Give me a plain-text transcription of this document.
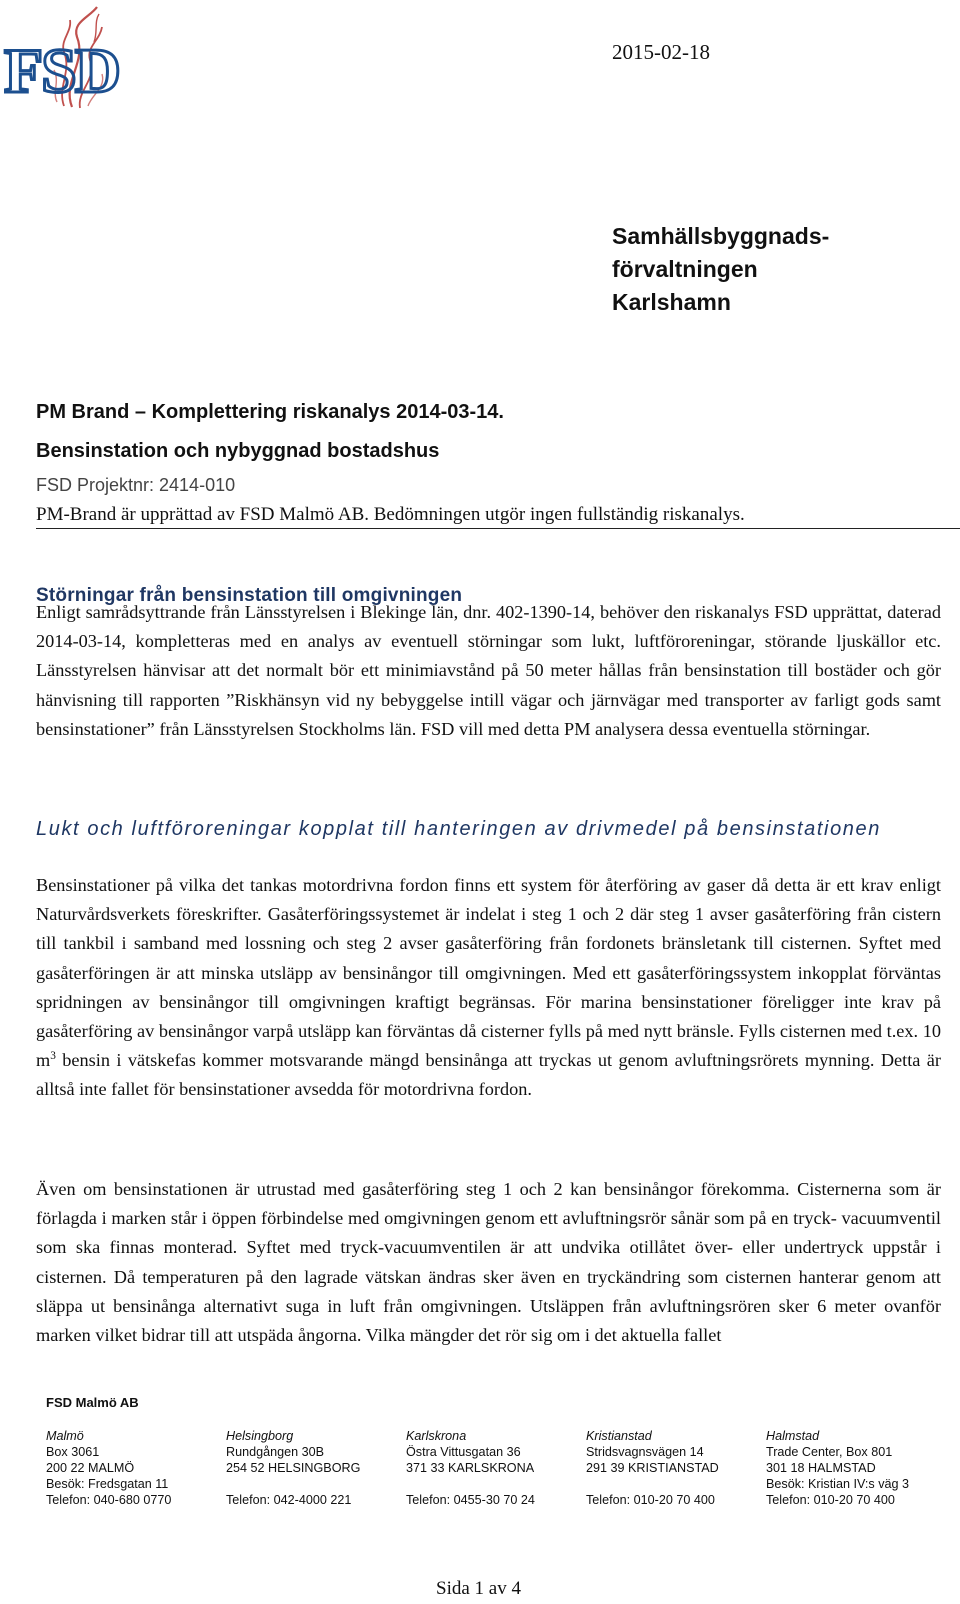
FSD	2015-02-18
Samhällsbyggnads-
förvaltningen
Karlshamn
PM Brand – Komplettering riskanalys 2014-03-14.
Bensinstation och nybyggnad bostadshus
FSD Projektnr: 2414-010
PM-Brand är upprättad av FSD Malmö AB. Bedömningen utgör ingen fullständig riskanalys.
Störningar från bensinstation till omgivningen
Enligt samrådsyttrande från Länsstyrelsen i Blekinge län, dnr. 402-1390-14, behöver den riskanalys FSD upprättat, daterad 2014-03-14, kompletteras med en analys av eventuell störningar som lukt, luftföroreningar, störande ljuskällor etc. Länsstyrelsen hänvisar att det normalt bör ett minimiavstånd på 50 meter hållas från bensinstation till bostäder och gör hänvisning till rapporten ”Riskhänsyn vid ny bebyggelse intill vägar och järnvägar med transporter av farligt gods samt bensinstationer” från Länsstyrelsen Stockholms län. FSD vill med detta PM analysera dessa eventuella störningar.
Lukt och luftföroreningar kopplat till hanteringen av drivmedel på bensinstationen
Bensinstationer på vilka det tankas motordrivna fordon finns ett system för återföring av gaser då detta är ett krav enligt Naturvårdsverkets föreskrifter. Gasåterföringssystemet är indelat i steg 1 och 2 där steg 1 avser gasåterföring från cistern till tankbil i samband med lossning och steg 2 avser gasåterföring från fordonets bränsletank till cisternen. Syftet med gasåterföringen är att minska utsläpp av bensinångor till omgivningen. Med ett gasåterföringssystem inkopplat förväntas spridningen av bensinångor till omgivningen kraftigt begränsas. För marina bensinstationer föreligger inte krav på gasåterföring av bensinångor varpå utsläpp kan förväntas då cisterner fylls på med nytt bränsle. Fylls cisternen med t.ex. 10 $m^3$ bensin i vätskefas kommer motsvarande mängd bensinånga att tryckas ut genom avluftningsrörets mynning. Detta är alltså inte fallet för bensinstationer avsedda för motordrivna fordon.
Även om bensinstationen är utrustad med gasåterföring steg 1 och 2 kan bensinångor förekomma. Cisternerna som är förlagda i marken står i öppen förbindelse med omgivningen genom ett avluftningsrör sånär som på en tryck- vacuumventil som ska finnas monterad. Syftet med tryck-vacuumventilen är att undvika otillåtet över- eller undertryck uppstår i cisternen. Då temperaturen på den lagrade vätskan ändras sker även en tryckändring som cisternen hanterar genom att släppa ut bensinånga alternativt suga in luft från omgivningen. Utsläppen från avluftningsrören sker 6 meter ovanför marken vilket bidrar till att utspäda ångorna. Vilka mängder det rör sig om i det aktuella fallet
FSD Malmö AB
Malmö
Box 3061
200 22 MALMÖ
Besök: Fredsgatan 11
Telefon: 040-680 0770
Helsingborg
Rundgången 30B
254 52 HELSINGBORG
Telefon: 042-4000 221
Karlskrona
Östra Vittusgatan 36
371 33 KARLSKRONA
Telefon: 0455-30 70 24
Kristianstad
Stridsvagnsvägen 14
291 39 KRISTIANSTAD
Telefon: 010-20 70 400
Halmstad
Trade Center, Box 801
301 18 HALMSTAD
Besök: Kristian IV:s väg 3
Telefon: 010-20 70 400
Sida 1 av 4
